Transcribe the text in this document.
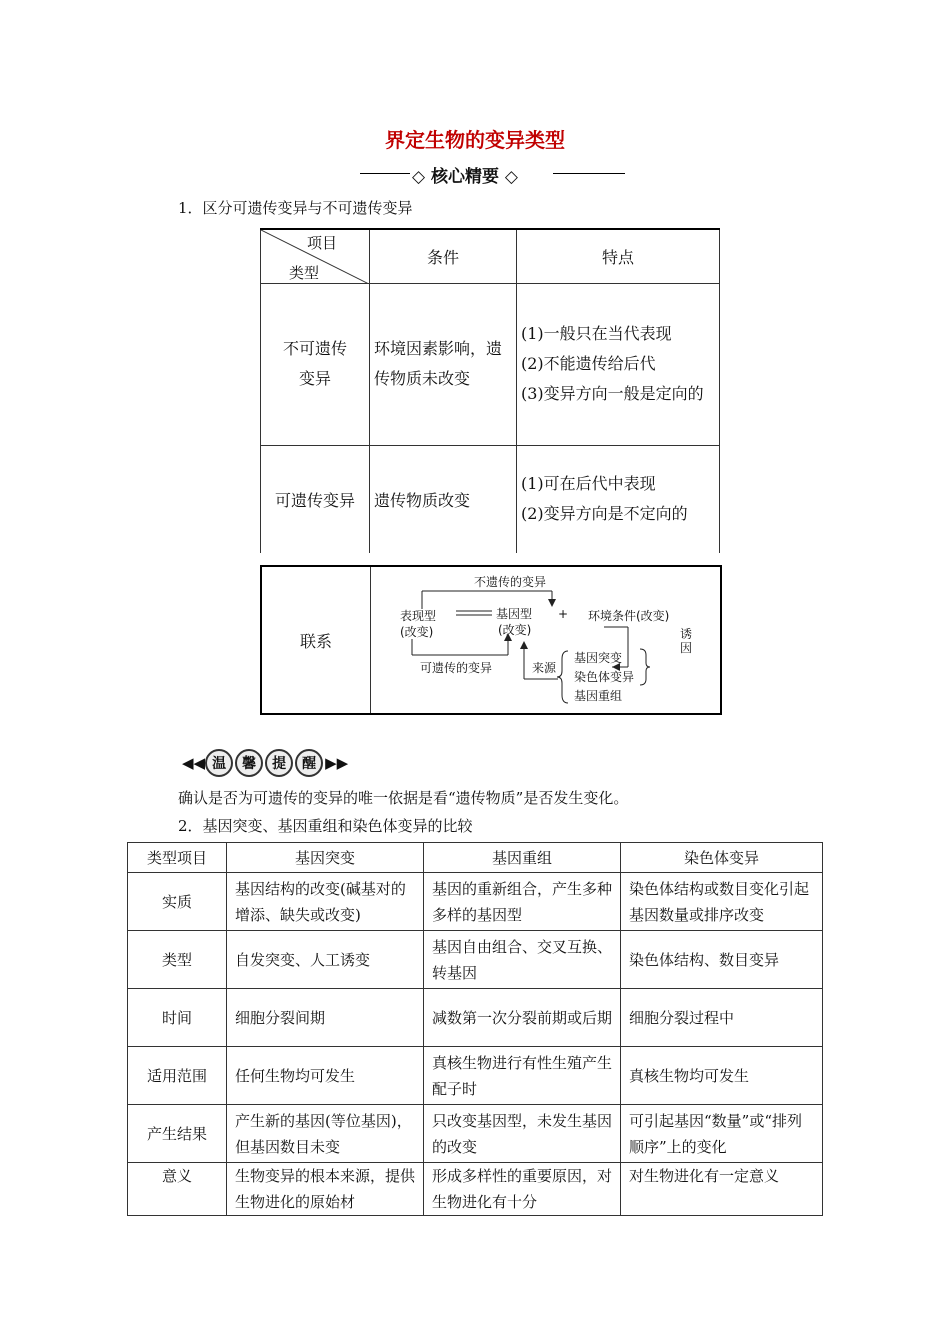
界定生物的变异类型
◇ 核心精要 ◇
1．区分可遗传变异与不可遗传变异
项目
类型	条件	特点
不可遗传变异	环境因素影响，遗传物质未改变	(1)一般只在当代表现
(2)不能遗传给后代
(3)变异方向一般是定向的

可遗传变异	遗传物质改变	(1)可在后代中表现
(2)变异方向是不定向的
联系
不遗传的变异
表现型
(改变)
基因型
(改变)
+ 环境条件(改变)
诱因
可遗传的变异	来源
基因突变
染色体变异
基因重组
◀◀ 温	馨	提	醒 ▶▶
确认是否为可遗传的变异的唯一依据是看“遗传物质”是否发生变化。
2．基因突变、基因重组和染色体变异的比较
类型项目	基因突变	基因重组	染色体变异
实质	基因结构的改变(碱基对的增添、缺失或改变)	基因的重新组合，产生多种多样的基因型	染色体结构或数目变化引起基因数量或排序改变
类型	自发突变、人工诱变	基因自由组合、交叉互换、转基因	染色体结构、数目变异
时间	细胞分裂间期	减数第一次分裂前期或后期	细胞分裂过程中
适用范围	任何生物均可发生	真核生物进行有性生殖产生配子时	真核生物均可发生
产生结果	产生新的基因(等位基因)，但基因数目未变	只改变基因型，未发生基因的改变	可引起基因“数量”或“排列顺序”上的变化
意义	生物变异的根本来源，提供生物进化的原始材	形成多样性的重要原因，对生物进化有十分	对生物进化有一定意义
